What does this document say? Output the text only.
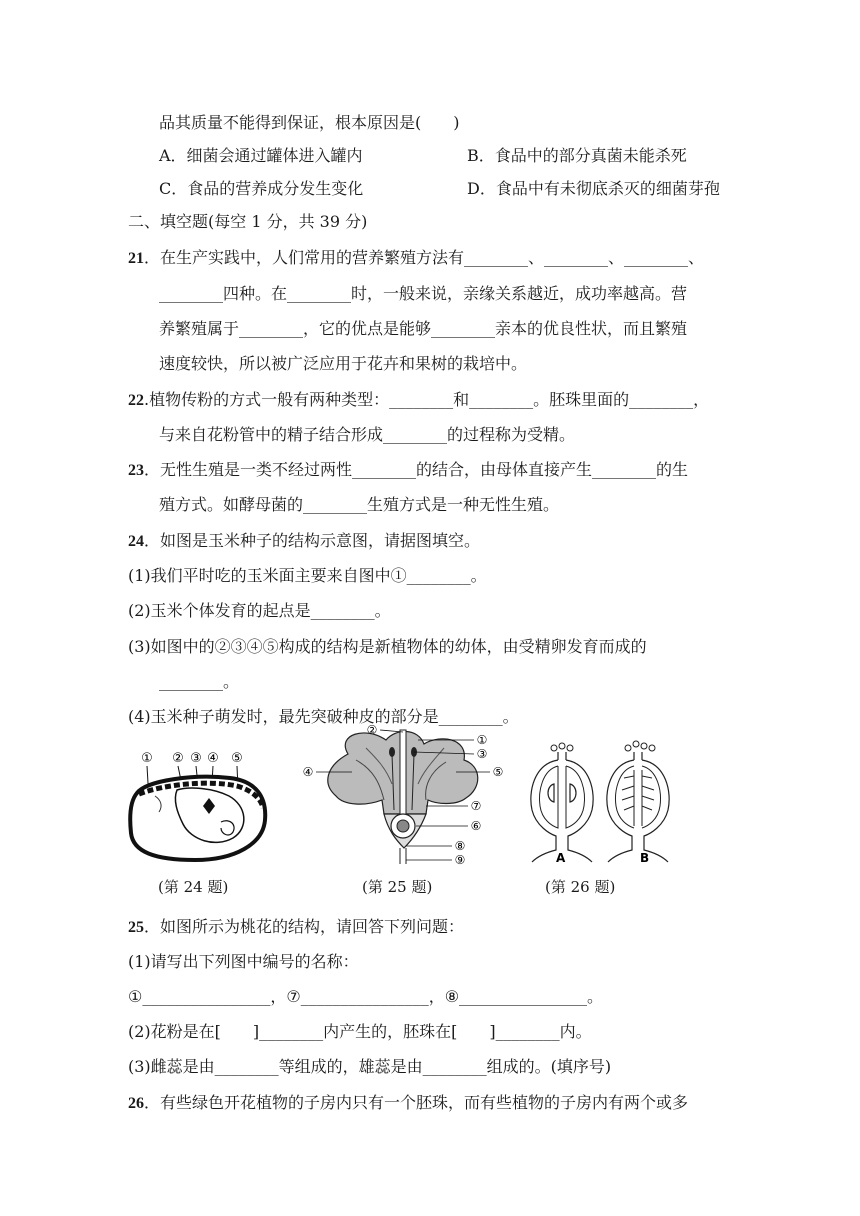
品其质量不能得到保证，根本原因是(　　)
A．细菌会通过罐体进入罐内	B．食品中的部分真菌未能杀死
C．食品的营养成分发生变化	D．食品中有未彻底杀灭的细菌芽孢
二、填空题(每空 1 分，共 39 分)
21．在生产实践中，人们常用的营养繁殖方法有________、________、________、
________四种。在________时，一般来说，亲缘关系越近，成功率越高。营
养繁殖属于________，它的优点是能够________亲本的优良性状，而且繁殖
速度较快，所以被广泛应用于花卉和果树的栽培中。
22.植物传粉的方式一般有两种类型：________和________。胚珠里面的________，
与来自花粉管中的精子结合形成________的过程称为受精。
23．无性生殖是一类不经过两性________的结合，由母体直接产生________的生
殖方式。如酵母菌的________生殖方式是一种无性生殖。
24．如图是玉米种子的结构示意图，请据图填空。
(1)我们平时吃的玉米面主要来自图中①________。
(2)玉米个体发育的起点是________。
(3)如图中的②③④⑤构成的结构是新植物体的幼体，由受精卵发育而成的
________。
(4)玉米种子萌发时，最先突破种皮的部分是________。
① ② ③ ④ ⑤
(第 24 题)
②
①
③
④	⑤
⑦
⑥
⑧
⑨
(第 25 题)
A	B
(第 26 题)
25．如图所示为桃花的结构，请回答下列问题：
(1)请写出下列图中编号的名称：
①________________，⑦________________，⑧________________。
(2)花粉是在[　　]________内产生的，胚珠在[　　]________内。
(3)雌蕊是由________等组成的，雄蕊是由________组成的。(填序号)
26．有些绿色开花植物的子房内只有一个胚珠，而有些植物的子房内有两个或多
